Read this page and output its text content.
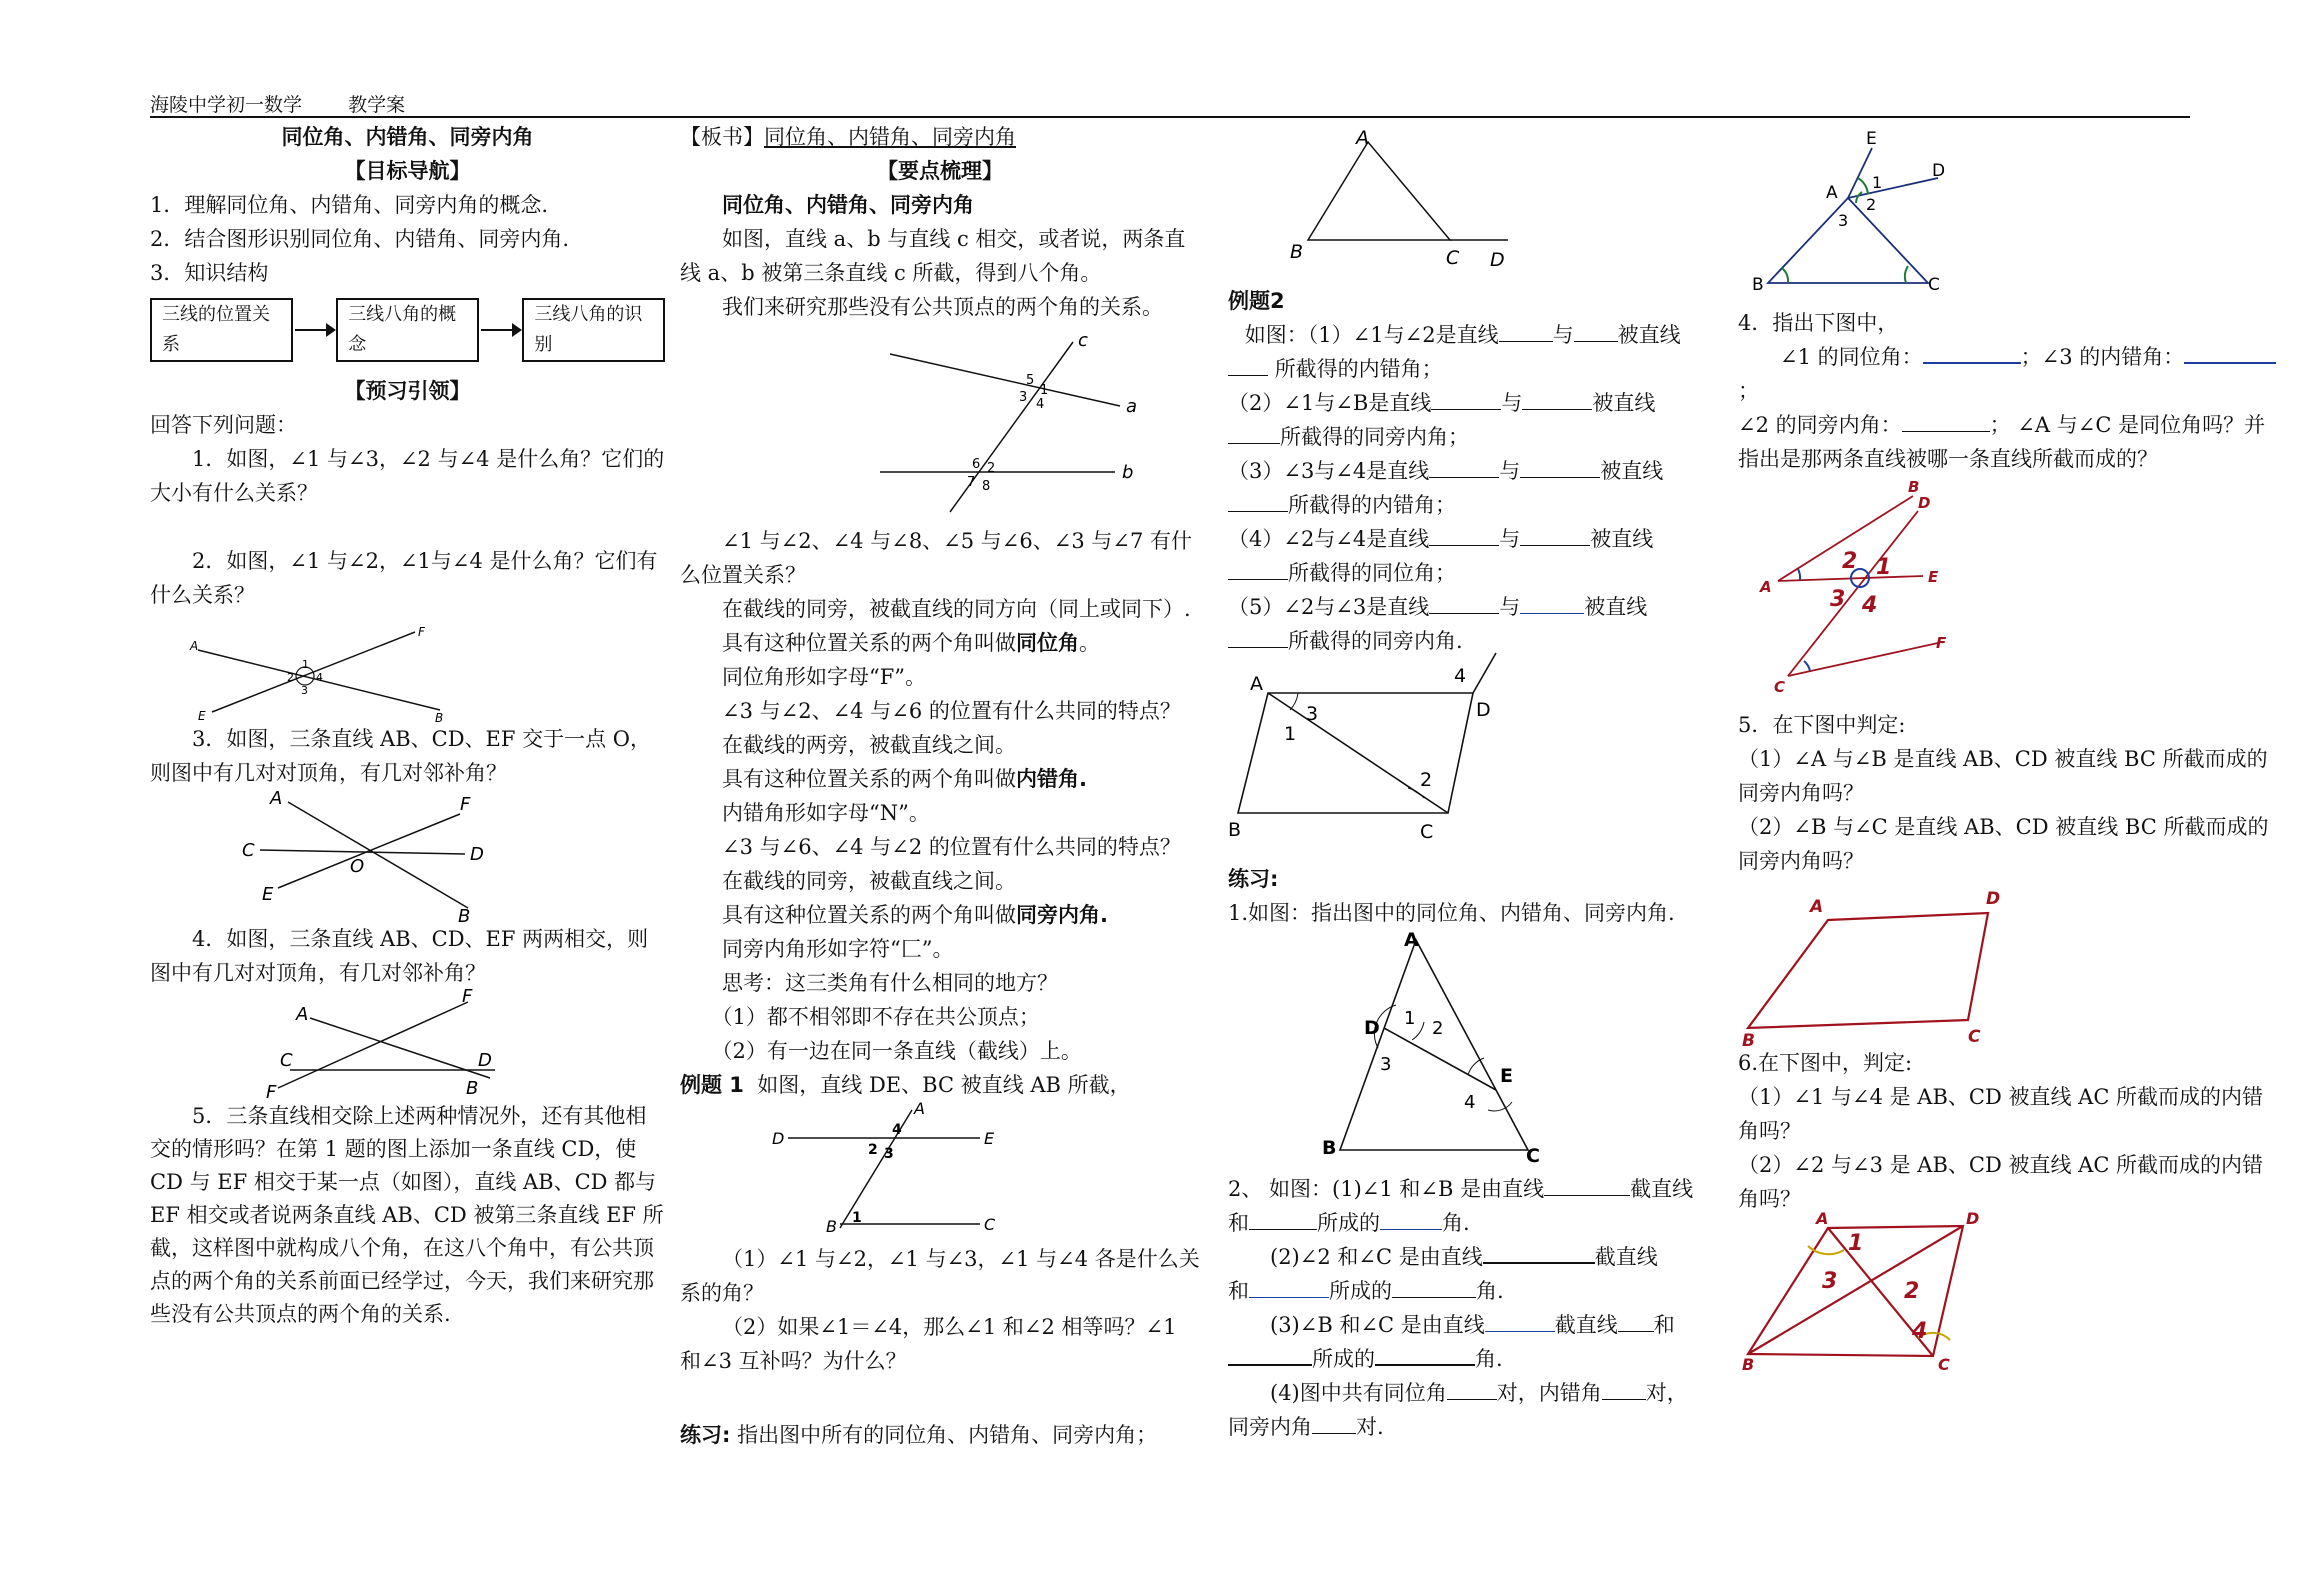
海陵中学初一数学 教学案

同位角、内错角、同旁内角

【目标导航】

1．理解同位角、内错角、同旁内角的概念.

2．结合图形识别同位角、内错角、同旁内角.

3．知识结构

三线的位置关系
三线八角的概念
三线八角的识别

【预习引领】

回答下列问题：

1．如图，∠1 与∠3，∠2 与∠4 是什么角？它们的大小有什么关系？

2．如图，∠1 与∠2，∠1与∠4 是什么角？它们有什么关系？

A
F
E	B
1
2
3
4

3．如图，三条直线 AB、CD、EF 交于一点 O，则图中有几对对顶角，有几对邻补角？

A	F
C	D
E
O
B

4．如图，三条直线 AB、CD、EF 两两相交，则图中有几对对顶角，有几对邻补角？

A
F
C	D
F	B

5．三条直线相交除上述两种情况外，还有其他相交的情形吗？在第 1 题的图上添加一条直线 CD，使 CD 与 EF 相交于某一点（如图），直线 AB、CD 都与 EF 相交或者说两条直线 AB、CD 被第三条直线 EF 所截，这样图中就构成八个角，在这八个角中，有公共顶点的两个角的关系前面已经学过，今天，我们来研究那些没有公共顶点的两个角的关系.

【板书】同位角、内错角、同旁内角

【要点梳理】

同位角、内错角、同旁内角

如图，直线 a、b 与直线 c 相交，或者说，两条直线 a、b 被第三条直线 c 所截，得到八个角。

我们来研究那些没有公共顶点的两个角的关系。

c
a
b
5
3 1
4
6
7
2
8

∠1 与∠2、∠4 与∠8、∠5 与∠6、∠3 与∠7 有什么位置关系？

在截线的同旁，被截直线的同方向（同上或同下）.

具有这种位置关系的两个角叫做同位角。

同位角形如字母“F”。

∠3 与∠2、∠4 与∠6 的位置有什么共同的特点？

在截线的两旁，被截直线之间。

具有这种位置关系的两个角叫做内错角.

内错角形如字母“N”。

∠3 与∠6、∠4 与∠2 的位置有什么共同的特点？

在截线的同旁，被截直线之间。

具有这种位置关系的两个角叫做同旁内角.

同旁内角形如字符“匚”。

思考：这三类角有什么相同的地方？

（1）都不相邻即不存在共公顶点；

（2）有一边在同一条直线（截线）上。

例题 1 如图，直线 DE、BC 被直线 AB 所截，

D	E
B	C
A
1
2 3
4

（1）∠1 与∠2，∠1 与∠3，∠1 与∠4 各是什么关系的角？

（2）如果∠1＝∠4，那么∠1 和∠2 相等吗？∠1 和∠3 互补吗？为什么？

练习: 指出图中所有的同位角、内错角、同旁内角；

A
B	C D

例题2

如图：（1）∠1与∠2是直线	与 被直线

所截得的内错角；

（2）∠1与∠B是直线	与	被直线

所截得的同旁内角；

（3）∠3与∠4是直线	与	被直线

所截得的内错角；

（4）∠2与∠4是直线	与	被直线

所截得的同位角；

（5）∠2与∠3是直线	与	被直线

所截得的同旁内角.

A
D
B	C
1
2
3
4

练习:

1.如图：指出图中的同位角、内错角、同旁内角.

A
D
E
B	C
1 2
3
4

2、 如图：(1)∠1 和∠B 是由直线	截直线

和	所成的	角.

(2)∠2 和∠C 是由直线	截直线

和	所成的	角.

(3)∠B 和∠C 是由直线	截直线 和

所成的	角.

(4)图中共有同位角 对，内错角 对，

同旁内角 对.

E
D
A
B	C
1
2
3

4．指出下图中，

∠1 的同位角：	；∠3 的内错角：；

∠2 的同旁内角：	； ∠A 与∠C 是同位角吗？并指出是那两条直线被哪一条直线所截而成的？

B
D
A
E
C
F
1
2
3 4

5．在下图中判定:

（1）∠A 与∠B 是直线 AB、CD 被直线 BC 所截而成的同旁内角吗？

（2）∠B 与∠C 是直线 AB、CD 被直线 BC 所截而成的同旁内角吗？

A	D
B	C

6.在下图中，判定:

（1）∠1 与∠4 是 AB、CD 被直线 AC 所截而成的内错角吗？

（2）∠2 与∠3 是 AB、CD 被直线 AC 所截而成的内错角吗？

A	D
B	C
1
2
3
4
